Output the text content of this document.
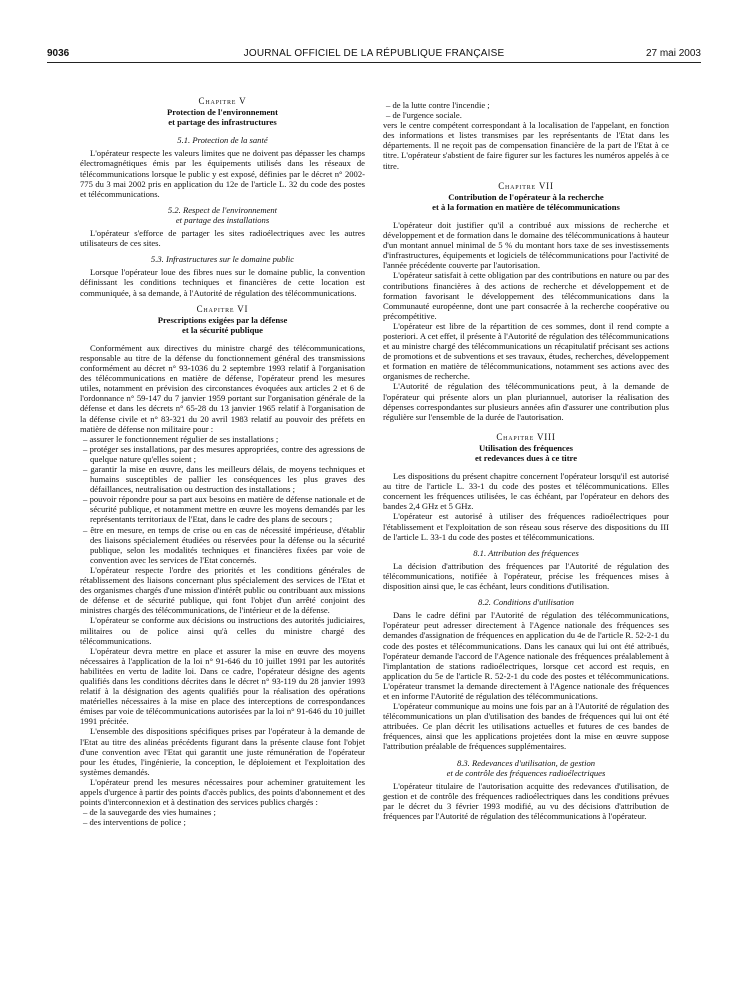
9036	JOURNAL OFFICIEL DE LA RÉPUBLIQUE FRANÇAISE	27 mai 2003
Chapitre V
Protection de l'environnement
et partage des infrastructures
5.1. Protection de la santé

L'opérateur respecte les valeurs limites que ne doivent pas dépasser les champs électromagnétiques émis par les équipements utilisés dans les réseaux de télécommunications lorsque le public y est exposé, définies par le décret n° 2002-775 du 3 mai 2002 pris en application du 12e de l'article L. 32 du code des postes et télécommunications.

5.2. Respect de l'environnement
et partage des installations

L'opérateur s'efforce de partager les sites radioélectriques avec les autres utilisateurs de ces sites.

5.3. Infrastructures sur le domaine public

Lorsque l'opérateur loue des fibres nues sur le domaine public, la convention définissant les conditions techniques et financières de cette location est communiquée, à sa demande, à l'Autorité de régulation des télécommunications.

Chapitre VI
Prescriptions exigées par la défense
et la sécurité publique

Conformément aux directives du ministre chargé des télécommunications, responsable au titre de la défense du fonctionnement général des transmissions conformément au décret n° 93-1036 du 2 septembre 1993 relatif à l'organisation des télécommunications en matière de défense, l'opérateur prend les mesures utiles, notamment en prévision des circonstances évoquées aux articles 2 et 6 de l'ordonnance n° 59-147 du 7 janvier 1959 portant sur l'organisation générale de la défense et dans les décrets n° 65-28 du 13 janvier 1965 relatif à l'organisation de la défense civile et n° 83-321 du 20 avril 1983 relatif au pouvoir des préfets en matière de défense non militaire pour :

– assurer le fonctionnement régulier de ses installations ;
– protéger ses installations, par des mesures appropriées, contre des agressions de quelque nature qu'elles soient ;
– garantir la mise en œuvre, dans les meilleurs délais, de moyens techniques et humains susceptibles de pallier les conséquences les plus graves des défaillances, neutralisation ou destruction des installations ;
– pouvoir répondre pour sa part aux besoins en matière de défense nationale et de sécurité publique, et notamment mettre en œuvre les moyens demandés par les représentants territoriaux de l'Etat, dans le cadre des plans de secours ;
– être en mesure, en temps de crise ou en cas de nécessité impérieuse, d'établir des liaisons spécialement étudiées ou réservées pour la défense ou la sécurité publique, selon les modalités techniques et financières fixées par voie de convention avec les services de l'Etat concernés.

L'opérateur respecte l'ordre des priorités et les conditions générales de rétablissement des liaisons concernant plus spécialement des services de l'Etat et des organismes chargés d'une mission d'intérêt public ou contribuant aux missions de défense et de sécurité publique, qui font l'objet d'un arrêté conjoint des ministres chargés des télécommunications, de l'intérieur et de la défense.

L'opérateur se conforme aux décisions ou instructions des autorités judiciaires, militaires ou de police ainsi qu'à celles du ministre chargé des télécommunications.

L'opérateur devra mettre en place et assurer la mise en œuvre des moyens nécessaires à l'application de la loi n° 91-646 du 10 juillet 1991 par les autorités habilitées en vertu de ladite loi. Dans ce cadre, l'opérateur désigne des agents qualifiés dans les conditions décrites dans le décret n° 93-119 du 28 janvier 1993 relatif à la désignation des agents qualifiés pour la réalisation des opérations matérielles nécessaires à la mise en place des interceptions de correspondances émises par voie de télécommunications autorisées par la loi n° 91-646 du 10 juillet 1991 précitée.

L'ensemble des dispositions spécifiques prises par l'opérateur à la demande de l'Etat au titre des alinéas précédents figurant dans la présente clause font l'objet d'une convention avec l'Etat qui garantit une juste rémunération de l'opérateur pour les études, l'ingénierie, la conception, le déploiement et l'exploitation des systèmes demandés.

L'opérateur prend les mesures nécessaires pour acheminer gratuitement les appels d'urgence à partir des points d'accès publics, des points d'abonnement et des points d'interconnexion et à destination des services publics chargés :

– de la sauvegarde des vies humaines ;
– des interventions de police ;
– de la lutte contre l'incendie ;
– de l'urgence sociale.

vers le centre compétent correspondant à la localisation de l'appelant, en fonction des informations et listes transmises par les représentants de l'Etat dans les départements. Il ne reçoit pas de compensation financière de la part de l'Etat à ce titre. L'opérateur s'abstient de faire figurer sur les factures les numéros appelés à ce titre.

Chapitre VII
Contribution de l'opérateur à la recherche
et à la formation en matière de télécommunications

L'opérateur doit justifier qu'il a contribué aux missions de recherche et développement et de formation dans le domaine des télécommunications à hauteur d'un montant annuel minimal de 5 % du montant hors taxe de ses investissements d'infrastructures, équipements et logiciels de télécommunications pour l'activité de l'année précédente couverte par l'autorisation.

L'opérateur satisfait à cette obligation par des contributions en nature ou par des contributions financières à des actions de recherche et développement et de formation favorisant le développement des télécommunications dans la Communauté européenne, dont une part consacrée à la recherche coopérative ou précompétitive.

L'opérateur est libre de la répartition de ces sommes, dont il rend compte a posteriori. A cet effet, il présente à l'Autorité de régulation des télécommunications et au ministre chargé des télécommunications un récapitulatif précisant ses actions de promotions et de subventions et ses travaux, études, recherches, développement et formation en matière de télécommunications, notamment ses actions avec des organismes de recherche.

L'Autorité de régulation des télécommunications peut, à la demande de l'opérateur qui présente alors un plan pluriannuel, autoriser la réalisation des dépenses correspondantes sur plusieurs années afin d'assurer une contribution plus régulière sur l'ensemble de la durée de l'autorisation.

Chapitre VIII
Utilisation des fréquences
et redevances dues à ce titre

Les dispositions du présent chapitre concernent l'opérateur lorsqu'il est autorisé au titre de l'article L. 33-1 du code des postes et télécommunications. Elles concernent les fréquences utilisées, le cas échéant, par l'opérateur en dehors des bandes 2,4 GHz et 5 GHz.

L'opérateur est autorisé à utiliser des fréquences radioélectriques pour l'établissement et l'exploitation de son réseau sous réserve des dispositions du III de l'article L. 33-1 du code des postes et télécommunications.

8.1. Attribution des fréquences

La décision d'attribution des fréquences par l'Autorité de régulation des télécommunications, notifiée à l'opérateur, précise les fréquences mises à disposition ainsi que, le cas échéant, leurs conditions d'utilisation.

8.2. Conditions d'utilisation

Dans le cadre défini par l'Autorité de régulation des télécommunications, l'opérateur peut adresser directement à l'Agence nationale des fréquences ses demandes d'assignation de fréquences en application du 4e de l'article R. 52-2-1 du code des postes et télécommunications. Dans les canaux qui lui ont été attribués, l'opérateur demande l'accord de l'Agence nationale des fréquences préalablement à l'implantation de stations radioélectriques, lorsque cet accord est requis, en application du 5e de l'article R. 52-2-1 du code des postes et télécommunications. L'opérateur transmet la demande directement à l'Agence nationale des fréquences et en informe l'Autorité de régulation des télécommunications.

L'opérateur communique au moins une fois par an à l'Autorité de régulation des télécommunications un plan d'utilisation des bandes de fréquences qui lui ont été attribuées. Ce plan décrit les utilisations actuelles et futures de ces bandes de fréquences, ainsi que les applications projetées dont la mise en œuvre suppose l'attribution préalable de fréquences supplémentaires.

8.3. Redevances d'utilisation, de gestion
et de contrôle des fréquences radioélectriques

L'opérateur titulaire de l'autorisation acquitte des redevances d'utilisation, de gestion et de contrôle des fréquences radioélectriques dans les conditions prévues par le décret du 3 février 1993 modifié, au vu des décisions d'attribution de fréquences par l'Autorité de régulation des télécommunications à l'opérateur.
